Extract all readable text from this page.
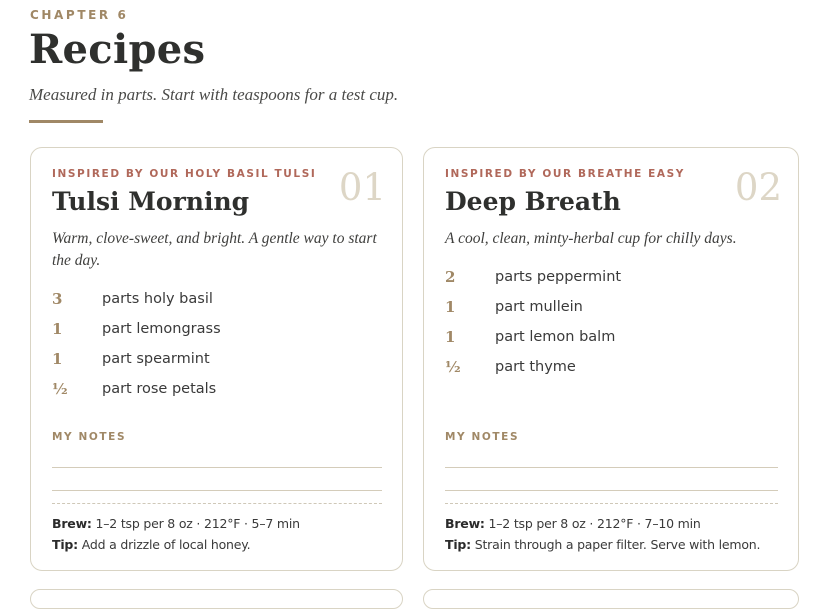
CHAPTER 6
Recipes
Measured in parts. Start with teaspoons for a test cup.
INSPIRED BY OUR HOLY BASIL TULSI 01
Tulsi Morning
Warm, clove-sweet, and bright. A gentle way to start the day.
3	parts holy basil
1	part lemongrass
1	part spearmint
½	part rose petals
MY NOTES
Brew: 1–2 tsp per 8 oz · 212°F · 5–7 min
Tip: Add a drizzle of local honey.
INSPIRED BY OUR BREATHE EASY 02
Deep Breath
A cool, clean, minty-herbal cup for chilly days.
2	parts peppermint
1	part mullein
1	part lemon balm
½	part thyme
MY NOTES
Brew: 1–2 tsp per 8 oz · 212°F · 7–10 min
Tip: Strain through a paper filter. Serve with lemon.
